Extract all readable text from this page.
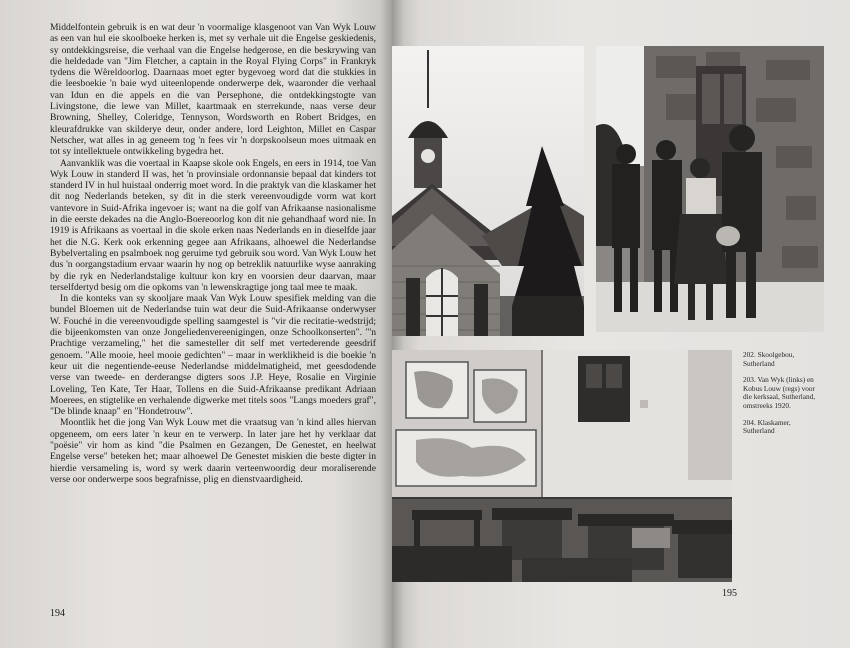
Middelfontein gebruik is en wat deur 'n voormalige klasgenoot van Van Wyk Louw as een van hul eie skoolboeke herken is, met sy verhale uit die Engelse geskiedenis, sy ontdekkingsreise, die verhaal van die Engelse hedgerose, en die beskrywing van die heldedade van "Jim Fletcher, a captain in the Royal Flying Corps" in Frankryk tydens die Wêreldoorlog. Daarnaas moet egter bygevoeg word dat die stukkies in die leesboekie 'n baie wyd uiteenlopende onderwerpe dek, waaronder die verhaal van Idun en die appels en die van Persephone, die ontdekkingstogte van Livingstone, die lewe van Millet, kaartmaak en sterrekunde, naas verse deur Browning, Shelley, Coleridge, Tennyson, Wordsworth en Robert Bridges, en kleurafdrukke van skilderye deur, onder andere, lord Leighton, Millet en Caspar Netscher, wat alles in ag geneem tog 'n fees vir 'n dorpskoolseun moes uitmaak en tot sy intellektuele ontwikkeling bygedra het.

Aanvanklik was die voertaal in Kaapse skole ook Engels, en eers in 1914, toe Van Wyk Louw in standerd II was, het 'n provinsiale ordonnansie bepaal dat kinders tot standerd IV in hul huistaal onderrig moet word. In die praktyk van die klaskamer het dit nog Nederlands beteken, sy dit in die sterk vereenvoudigde vorm wat kort vantevore in Suid-Afrika ingevoer is; want na die golf van Afrikaanse nasionalisme in die eerste dekades na die Anglo-Boereoorlog kon dit nie gehandhaaf word nie. In 1919 is Afrikaans as voertaal in die skole erken naas Nederlands en in dieselfde jaar het die N.G. Kerk ook erkenning gegee aan Afrikaans, alhoewel die Nederlandse Bybelvertaling en psalmboek nog geruime tyd gebruik sou word. Van Wyk Louw het dus 'n oorgangstadium ervaar waarin hy nog op betreklik natuurlike wyse aanraking by die ryk en Nederlandstalige kultuur kon kry en voorsien deur daarvan, maar terselfdertyd besig om die opkoms van 'n lewenskragtige jong taal mee te maak.

In die konteks van sy skooljare maak Van Wyk Louw spesifiek melding van die bundel Bloemen uit de Nederlandse tuin wat deur die Suid-Afrikaanse onderwyser W. Fouché in die vereenvoudigde spelling saamgestel is "vir die recitatie-wedstrijd; die bijeenkomsten van onze Jongeliedenvereenigingen, onze Schoolkonserten". "'n Prachtige verzameling," het die samesteller dit self met vertederende geesdrif genoem. "Alle mooie, heel mooie gedichten" – maar in werklikheid is die boekie 'n keur uit die negentiende-eeuse Nederlandse middelmatigheid, met geesdodende verse van tweede- en derderangse digters soos J.P. Heye, Rosalie en Virginie Loveling, Ten Kate, Ter Haar, Tollens en die Suid-Afrikaanse predikant Adriaan Moerees, en stigtelike en verhalende digwerke met titels soos "Langs moeders graf", "De blinde knaap" en "Hondetrouw".

Moontlik het die jong Van Wyk Louw met die vraatsug van 'n kind alles hiervan opgeneem, om eers later 'n keur en te verwerp. In later jare het hy verklaar dat "poësie" vir hom as kind "die Psalmen en Gezangen, De Genestet, en heelwat Engelse verse" beteken het; maar alhoewel De Genestet miskien die beste digter in hierdie versameling is, word sy werk daarin verteenwoordig deur moraliserende verse oor onderwerpe soos begrafnisse, plig en dienstvaardigheid.

194
202. Skoolgebou, Sutherland
203. Van Wyk (links) en Kobus Louw (regs) voor die kerksaal, Sutherland, omstreeks 1920.
204. Klaskamer, Sutherland
195
